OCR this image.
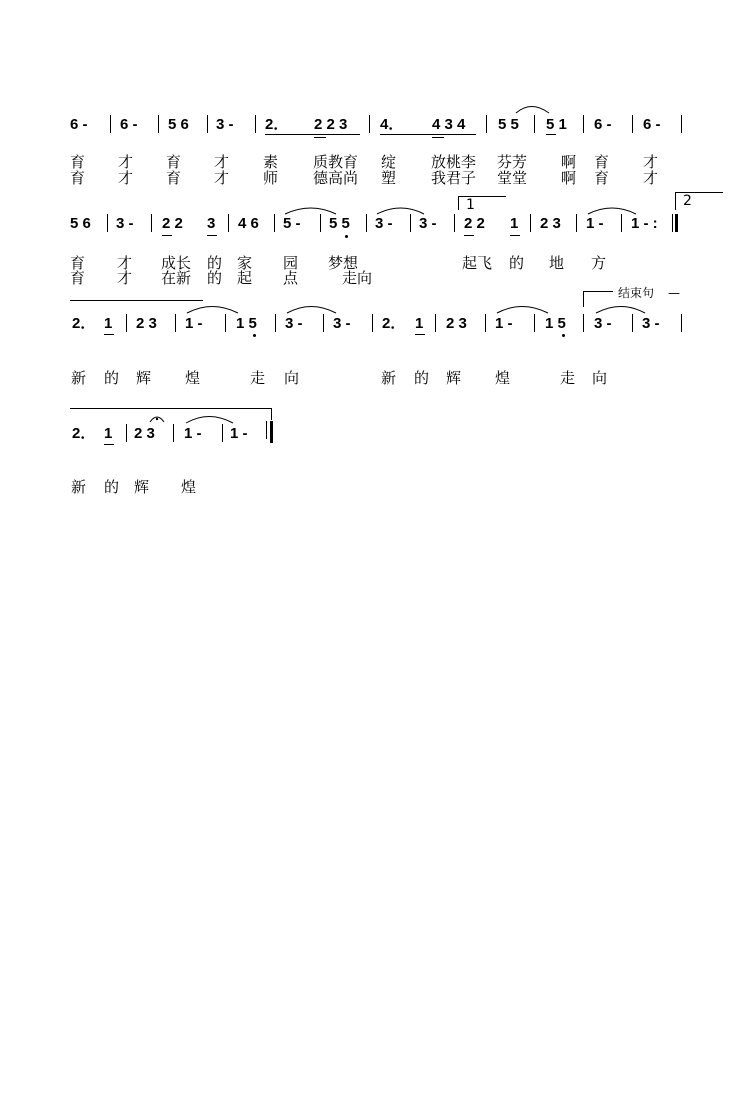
6 - 6 - 5 6 3 - 2． 2 2 3 4． 4 3 4 5 5 5 1 6 - 6 -
育 才 育 才 素 质教育 绽 放桃李 芬芳 啊 育 才
育 才 育 才 师 德高尚 塑 我君子 堂堂 啊 育 才
5 6 3 - 2 2 3 4 6 5 - 5 5 3 - 3 - 2 2 1 2 3 1 - 1 - :
1	2
育 才 成长 的 家 园 梦想	起飞 的 地 方
育 才 在新 的 起 点	走向
结束句 —
2． 1 2 3 1 - 1 5 3 - 3 - 2． 1 2 3 1 - 1 5 3 - 3 -
新 的 辉 煌	走 向	新 的 辉 煌	走 向
2． 1 2 3 1 - 1 -
新 的 辉 煌
